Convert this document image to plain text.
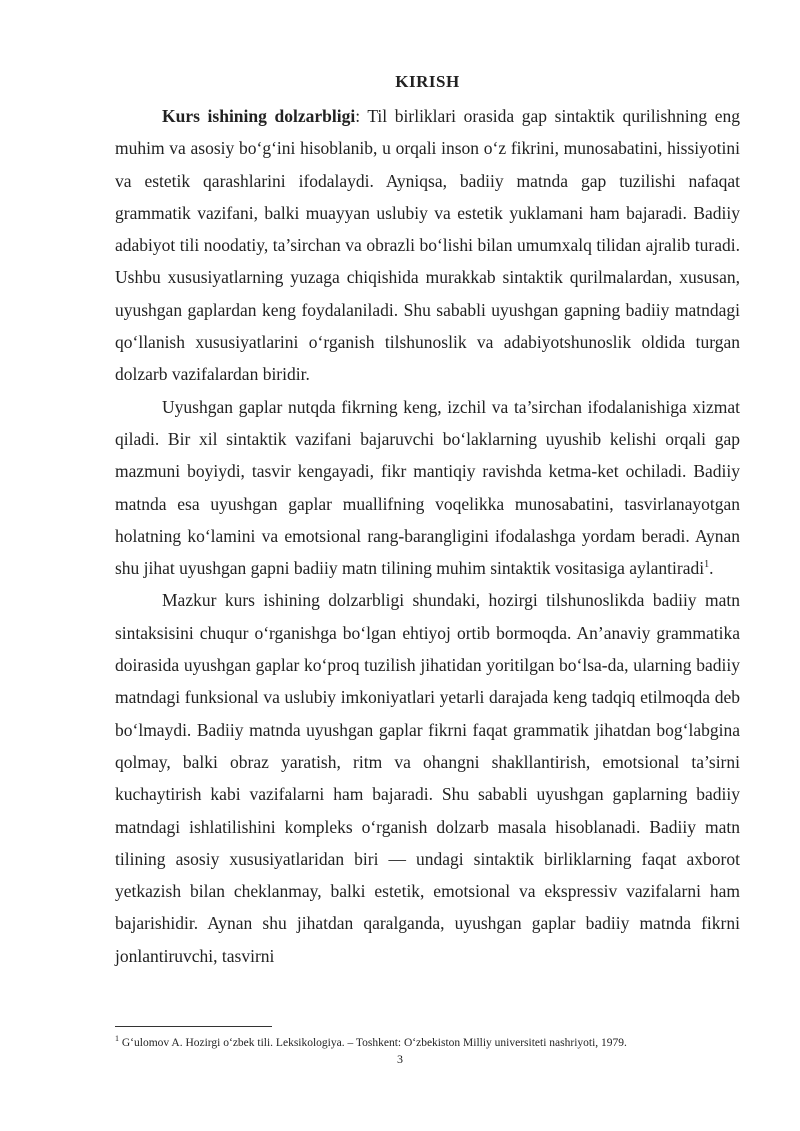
KIRISH

Kurs ishining dolzarbligi: Til birliklari orasida gap sintaktik qurilishning eng muhim va asosiy bo‘g‘ini hisoblanib, u orqali inson o‘z fikrini, munosabatini, hissiyotini va estetik qarashlarini ifodalaydi. Ayniqsa, badiiy matnda gap tuzilishi nafaqat grammatik vazifani, balki muayyan uslubiy va estetik yuklamani ham bajaradi. Badiiy adabiyot tili noodatiy, ta’sirchan va obrazli bo‘lishi bilan umumxalq tilidan ajralib turadi. Ushbu xususiyatlarning yuzaga chiqishida murakkab sintaktik qurilmalardan, xususan, uyushgan gaplardan keng foydalaniladi. Shu sababli uyushgan gapning badiiy matndagi qo‘llanish xususiyatlarini o‘rganish tilshunoslik va adabiyotshunoslik oldida turgan dolzarb vazifalardan biridir.

Uyushgan gaplar nutqda fikrning keng, izchil va ta’sirchan ifodalanishiga xizmat qiladi. Bir xil sintaktik vazifani bajaruvchi bo‘laklarning uyushib kelishi orqali gap mazmuni boyiydi, tasvir kengayadi, fikr mantiqiy ravishda ketma-ket ochiladi. Badiiy matnda esa uyushgan gaplar muallifning voqelikka munosabatini, tasvirlanayotgan holatning ko‘lamini va emotsional rang-barangligini ifodalashga yordam beradi. Aynan shu jihat uyushgan gapni badiiy matn tilining muhim sintaktik vositasiga aylantiradi$^1$.

Mazkur kurs ishining dolzarbligi shundaki, hozirgi tilshunoslikda badiiy matn sintaksisini chuqur o‘rganishga bo‘lgan ehtiyoj ortib bormoqda. An’anaviy grammatika doirasida uyushgan gaplar ko‘proq tuzilish jihatidan yoritilgan bo‘lsa-da, ularning badiiy matndagi funksional va uslubiy imkoniyatlari yetarli darajada keng tadqiq etilmoqda deb bo‘lmaydi. Badiiy matnda uyushgan gaplar fikrni faqat grammatik jihatdan bog‘labgina qolmay, balki obraz yaratish, ritm va ohangni shakllantirish, emotsional ta’sirni kuchaytirish kabi vazifalarni ham bajaradi. Shu sababli uyushgan gaplarning badiiy matndagi ishlatilishini kompleks o‘rganish dolzarb masala hisoblanadi. Badiiy matn tilining asosiy xususiyatlaridan biri — undagi sintaktik birliklarning faqat axborot yetkazish bilan cheklanmay, balki estetik, emotsional va ekspressiv vazifalarni ham bajarishidir. Aynan shu jihatdan qaralganda, uyushgan gaplar badiiy matnda fikrni jonlantiruvchi, tasvirni

$^1$ G‘ulomov A. Hozirgi o‘zbek tili. Leksikologiya. – Toshkent: O‘zbekiston Milliy universiteti nashriyoti, 1979.
3
